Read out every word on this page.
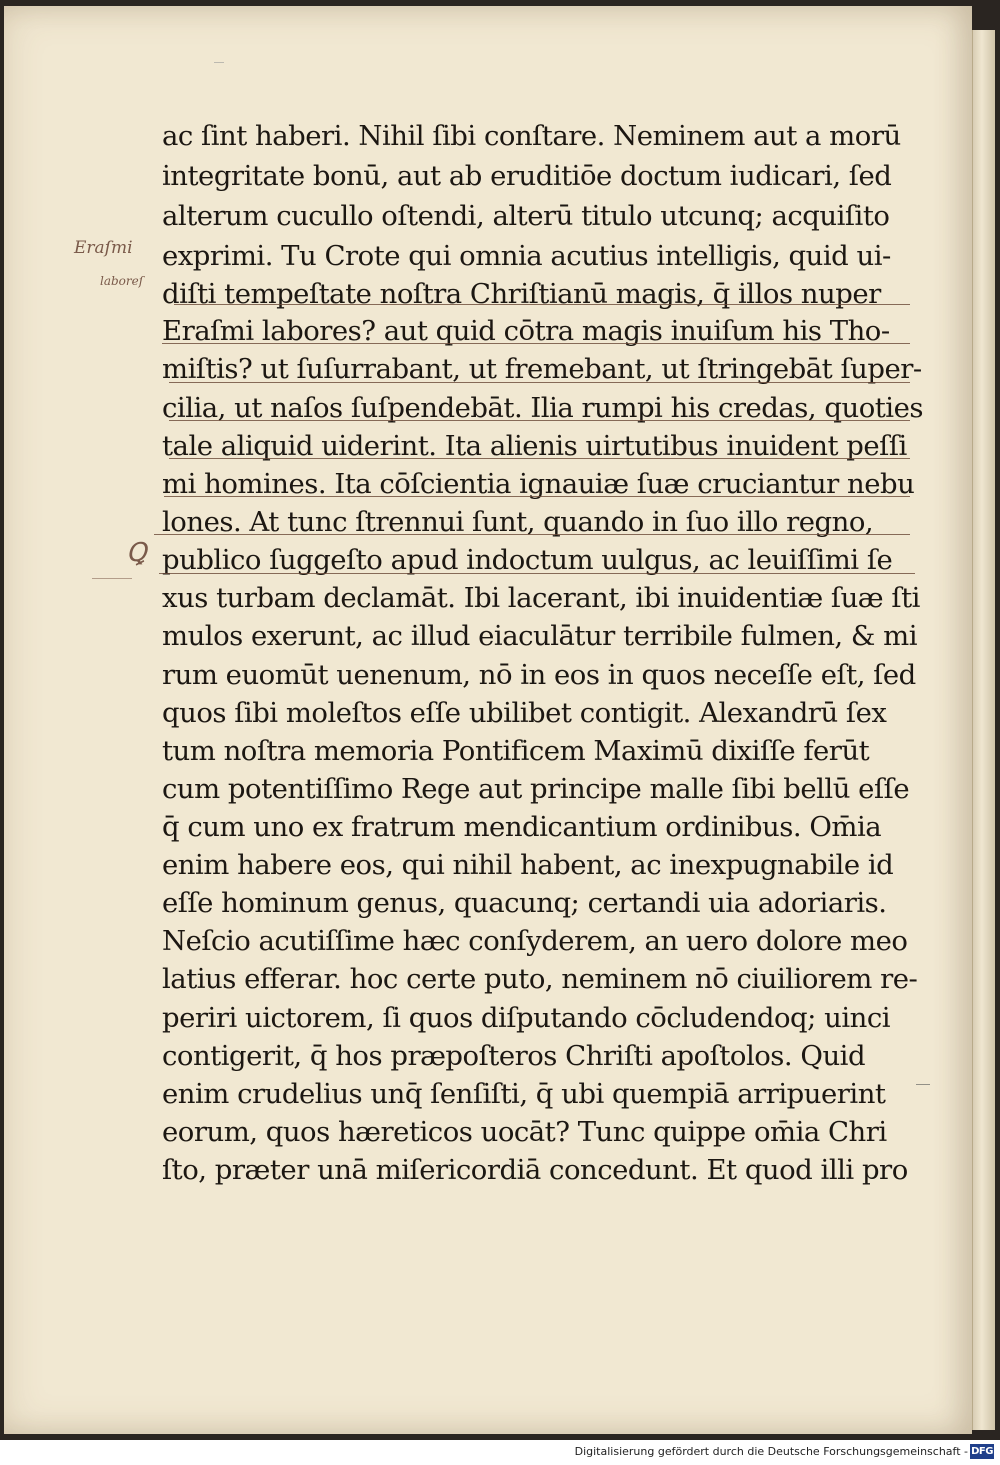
ac ſint haberi. Nihil ſibi conſtare. Neminem aut a morū
integritate bonū, aut ab eruditiōe doctum iudicari, ſed
alterum cucullo oſtendi, alterū titulo utcunq; acquiſito
exprimi. Tu Crote qui omnia acutius intelligis, quid ui-
diſti tempeſtate noſtra Chriſtianū magis, q̄ illos nuper
Eraſmi labores? aut quid cōtra magis inuiſum his Tho-
miſtis? ut ſuſurrabant, ut fremebant, ut ſtringebāt ſuper-
cilia, ut naſos ſuſpendebāt. Ilia rumpi his credas, quoties
tale aliquid uiderint. Ita alienis uirtutibus inuident peſſi
mi homines. Ita cōſcientia ignauiæ ſuæ cruciantur nebu
lones. At tunc ſtrennui ſunt, quando in ſuo illo regno,
publico ſuggeſto apud indoctum uulgus, ac leuiſſimi ſe
xus turbam declamāt. Ibi lacerant, ibi inuidentiæ ſuæ ſti
mulos exerunt, ac illud eiaculātur terribile fulmen, & mi
rum euomūt uenenum, nō in eos in quos neceſſe eſt, ſed
quos ſibi moleſtos eſſe ubilibet contigit. Alexandrū ſex
tum noſtra memoria Pontificem Maximū dixiſſe ferūt
cum potentiſſimo Rege aut principe malle ſibi bellū eſſe
q̄ cum uno ex fratrum mendicantium ordinibus. Om̄ia
enim habere eos, qui nihil habent, ac inexpugnabile id
eſſe hominum genus, quacunq; certandi uia adoriaris.
Neſcio acutiſſime hæc conſyderem, an uero dolore meo
latius efferar. hoc certe puto, neminem nō ciuiliorem re-
periri uictorem, ſi quos diſputando cōcludendoq; uinci
contigerit, q̄ hos præpoſteros Chriſti apoſtolos. Quid
enim crudelius unq̄ ſenſiſti, q̄ ubi quempiā arripuerint
eorum, quos hæreticos uocāt? Tunc quippe om̄ia Chri
ſto, præter unā miſericordiā concedunt. Et quod illi pro
Eraſmi
laboreſ
Ꝗ
Digitalisierung gefördert durch die Deutsche Forschungsgemeinschaft - DFG
